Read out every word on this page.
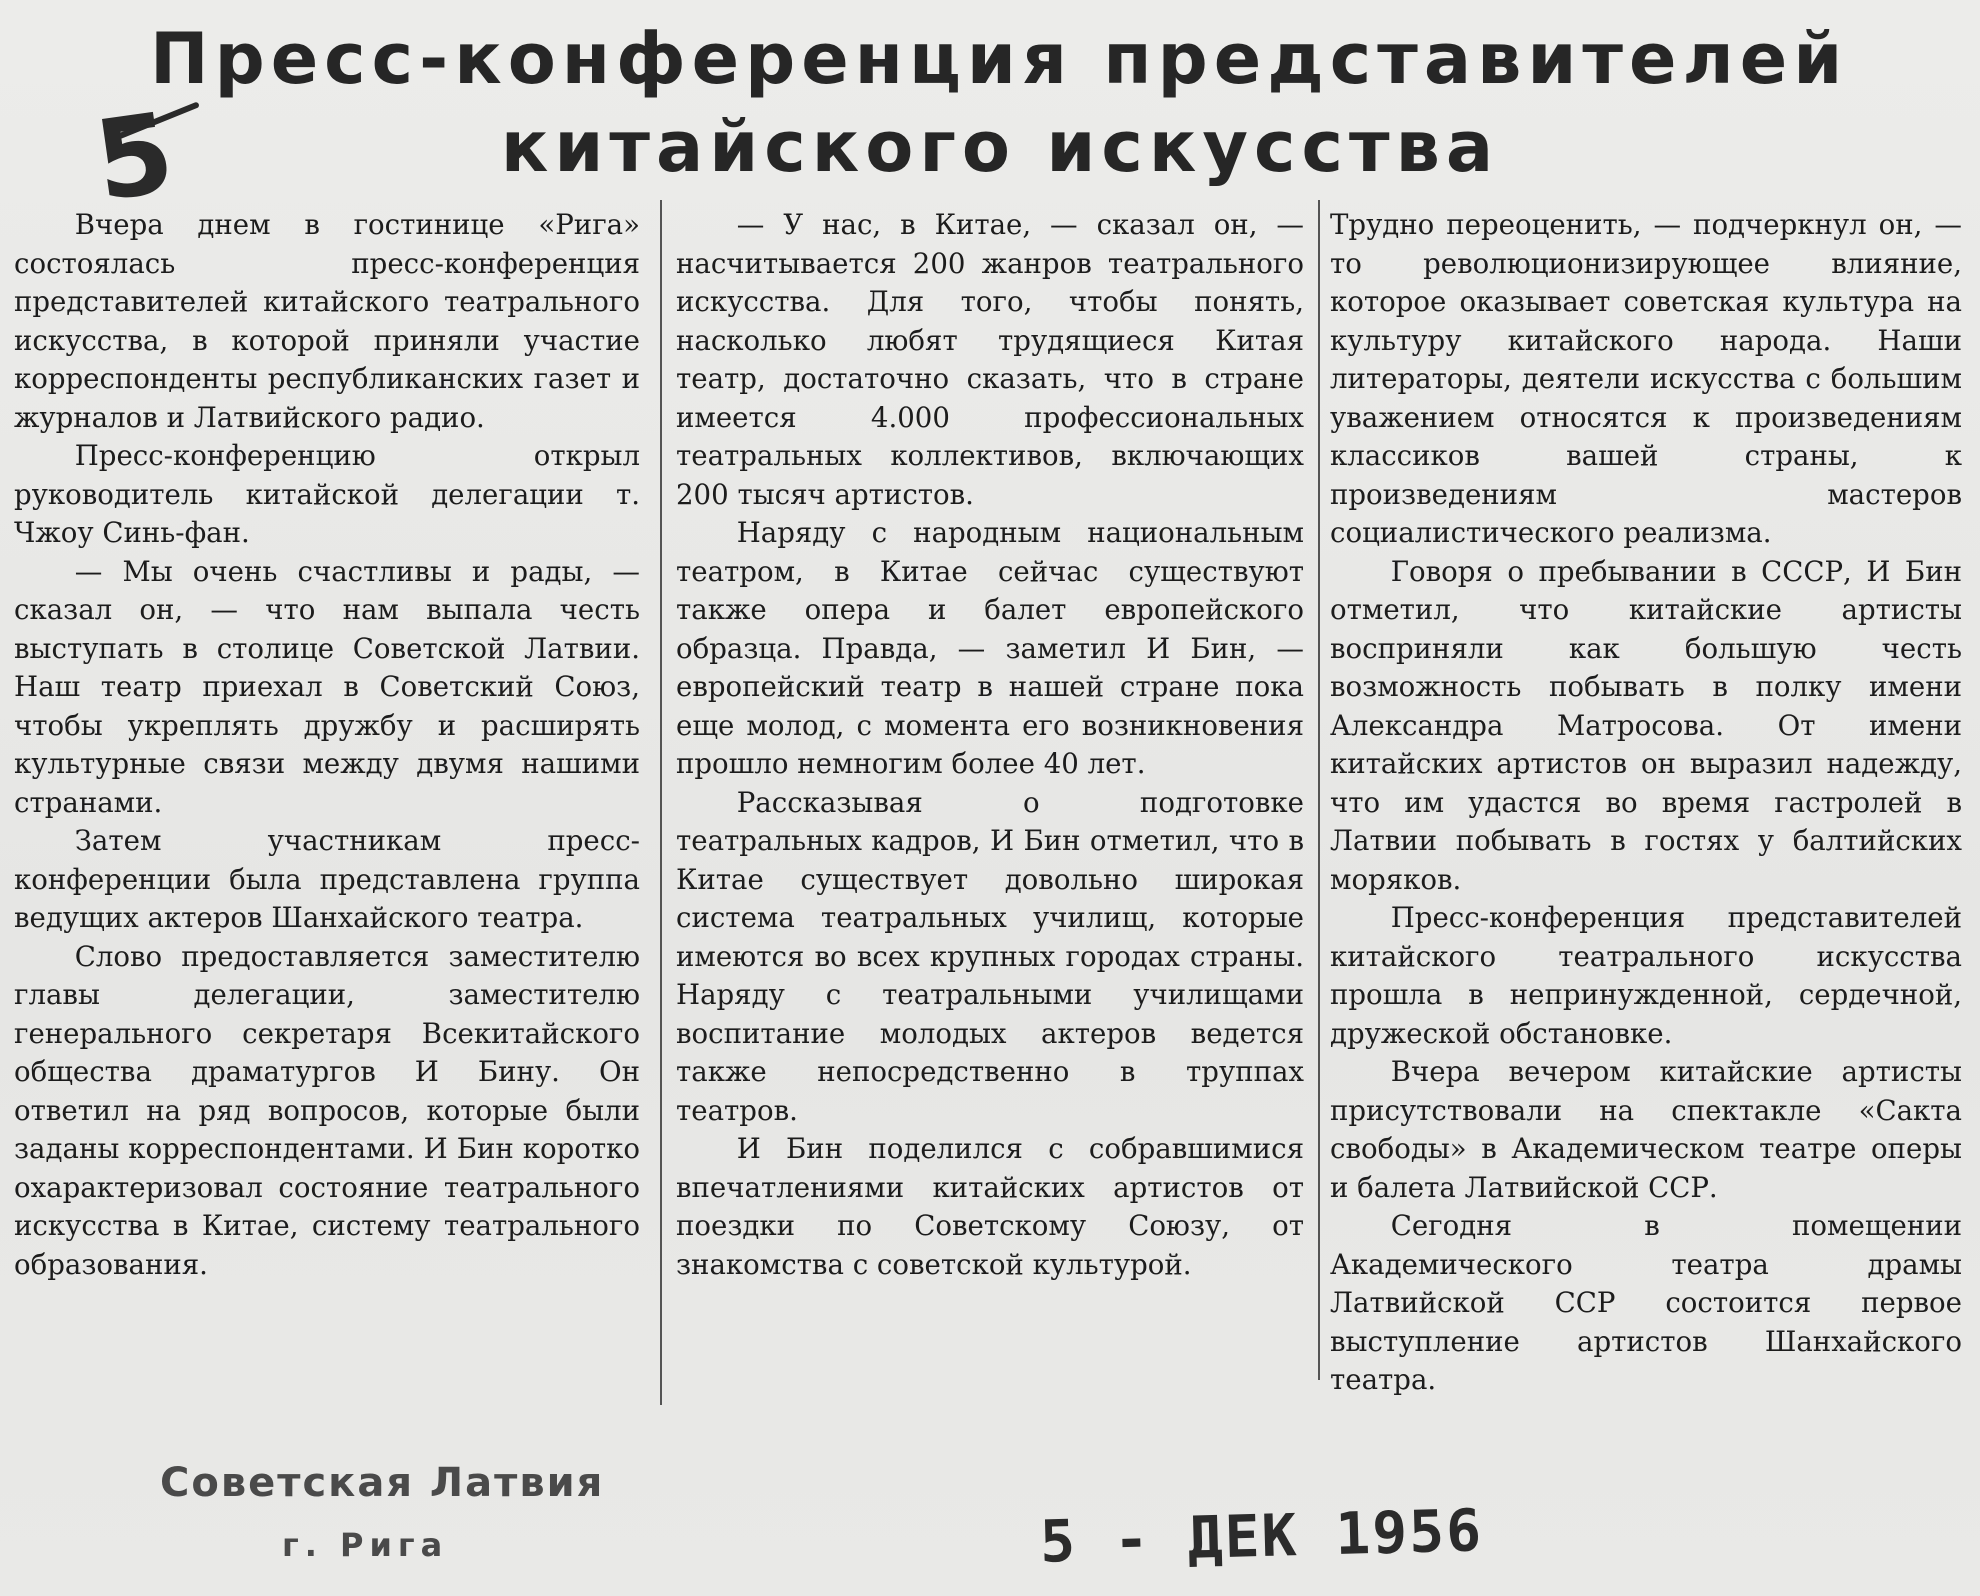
Пресс-конференция представителей
китайского искусства
5

Вчера днем в гостинице «Рига» состоялась пресс-конференция представителей китайского театрального искусства, в которой приняли участие корреспонденты республиканских газет и журналов и Латвийского радио.

Пресс-конференцию открыл руководитель китайской делегации т. Чжоу Синь-фан.

— Мы очень счастливы и рады, — сказал он, — что нам выпала честь выступать в столице Советской Латвии. Наш театр приехал в Советский Союз, чтобы укреплять дружбу и расширять культурные связи между двумя нашими странами.

Затем участникам пресс-конференции была представлена группа ведущих актеров Шанхайского театра.

Слово предоставляется заместителю главы делегации, заместителю генерального секретаря Всекитайского общества драматургов И Бину. Он ответил на ряд вопросов, которые были заданы корреспондентами. И Бин коротко охарактеризовал состояние театрального искусства в Китае, систему театрального образования.

— У нас, в Китае, — сказал он, — насчитывается 200 жанров театрального искусства. Для того, чтобы понять, насколько любят трудящиеся Китая театр, достаточно сказать, что в стране имеется 4.000 профессиональных театральных коллективов, включающих 200 тысяч артистов.

Наряду с народным национальным театром, в Китае сейчас существуют также опера и балет европейского образца. Правда, — заметил И Бин, — европейский театр в нашей стране пока еще молод, с момента его возникновения прошло немногим более 40 лет.

Рассказывая о подготовке театральных кадров, И Бин отметил, что в Китае существует довольно широкая система театральных училищ, которые имеются во всех крупных городах страны. Наряду с театральными училищами воспитание молодых актеров ведется также непосредственно в труппах театров.

И Бин поделился с собравшимися впечатлениями китайских артистов от поездки по Советскому Союзу, от знакомства с советской культурой.

Трудно переоценить, — подчеркнул он, — то революционизирующее влияние, которое оказывает советская культура на культуру китайского народа. Наши литераторы, деятели искусства с большим уважением относятся к произведениям классиков вашей страны, к произведениям мастеров социалистического реализма.

Говоря о пребывании в СССР, И Бин отметил, что китайские артисты восприняли как большую честь возможность побывать в полку имени Александра Матросова. От имени китайских артистов он выразил надежду, что им удастся во время гастролей в Латвии побывать в гостях у балтийских моряков.

Пресс-конференция представителей китайского театрального искусства прошла в непринужденной, сердечной, дружеской обстановке.

Вчера вечером китайские артисты присутствовали на спектакле «Сакта свободы» в Академическом театре оперы и балета Латвийской ССР.

Сегодня в помещении Академического театра драмы Латвийской ССР состоится первое выступление артистов Шанхайского театра.

Советская Латвия
г. Рига	5 - ДЕК 1956
